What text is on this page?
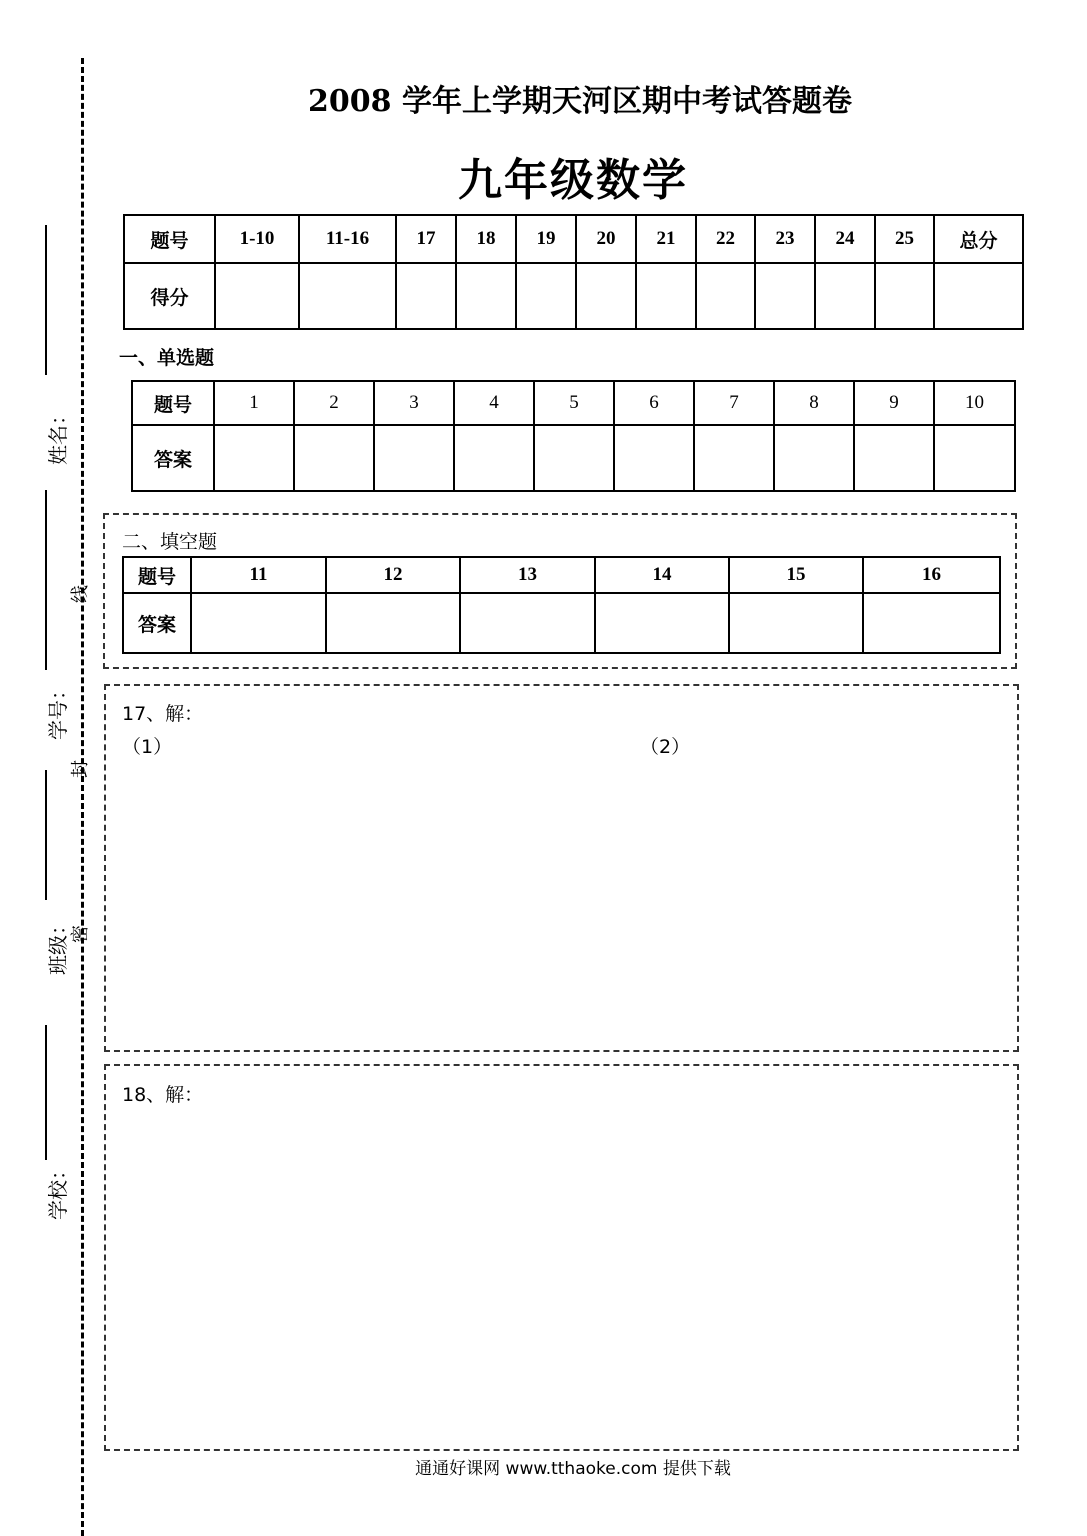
姓名：
学号：
班级：
学校：
线
封
密
2008 学年上学期天河区期中考试答题卷
九年级数学
题号	1-10	11-16	17	18	19	20	21	22	23	24	25	总分
得分												
一、单选题
题号	1	2	3	4	5	6	7	8	9	10
答案										
二、填空题
题号	11	12	13	14	15	16
答案						
17、解：
（1）	（2）
18、解：
通通好课网 www.tthaoke.com 提供下载
